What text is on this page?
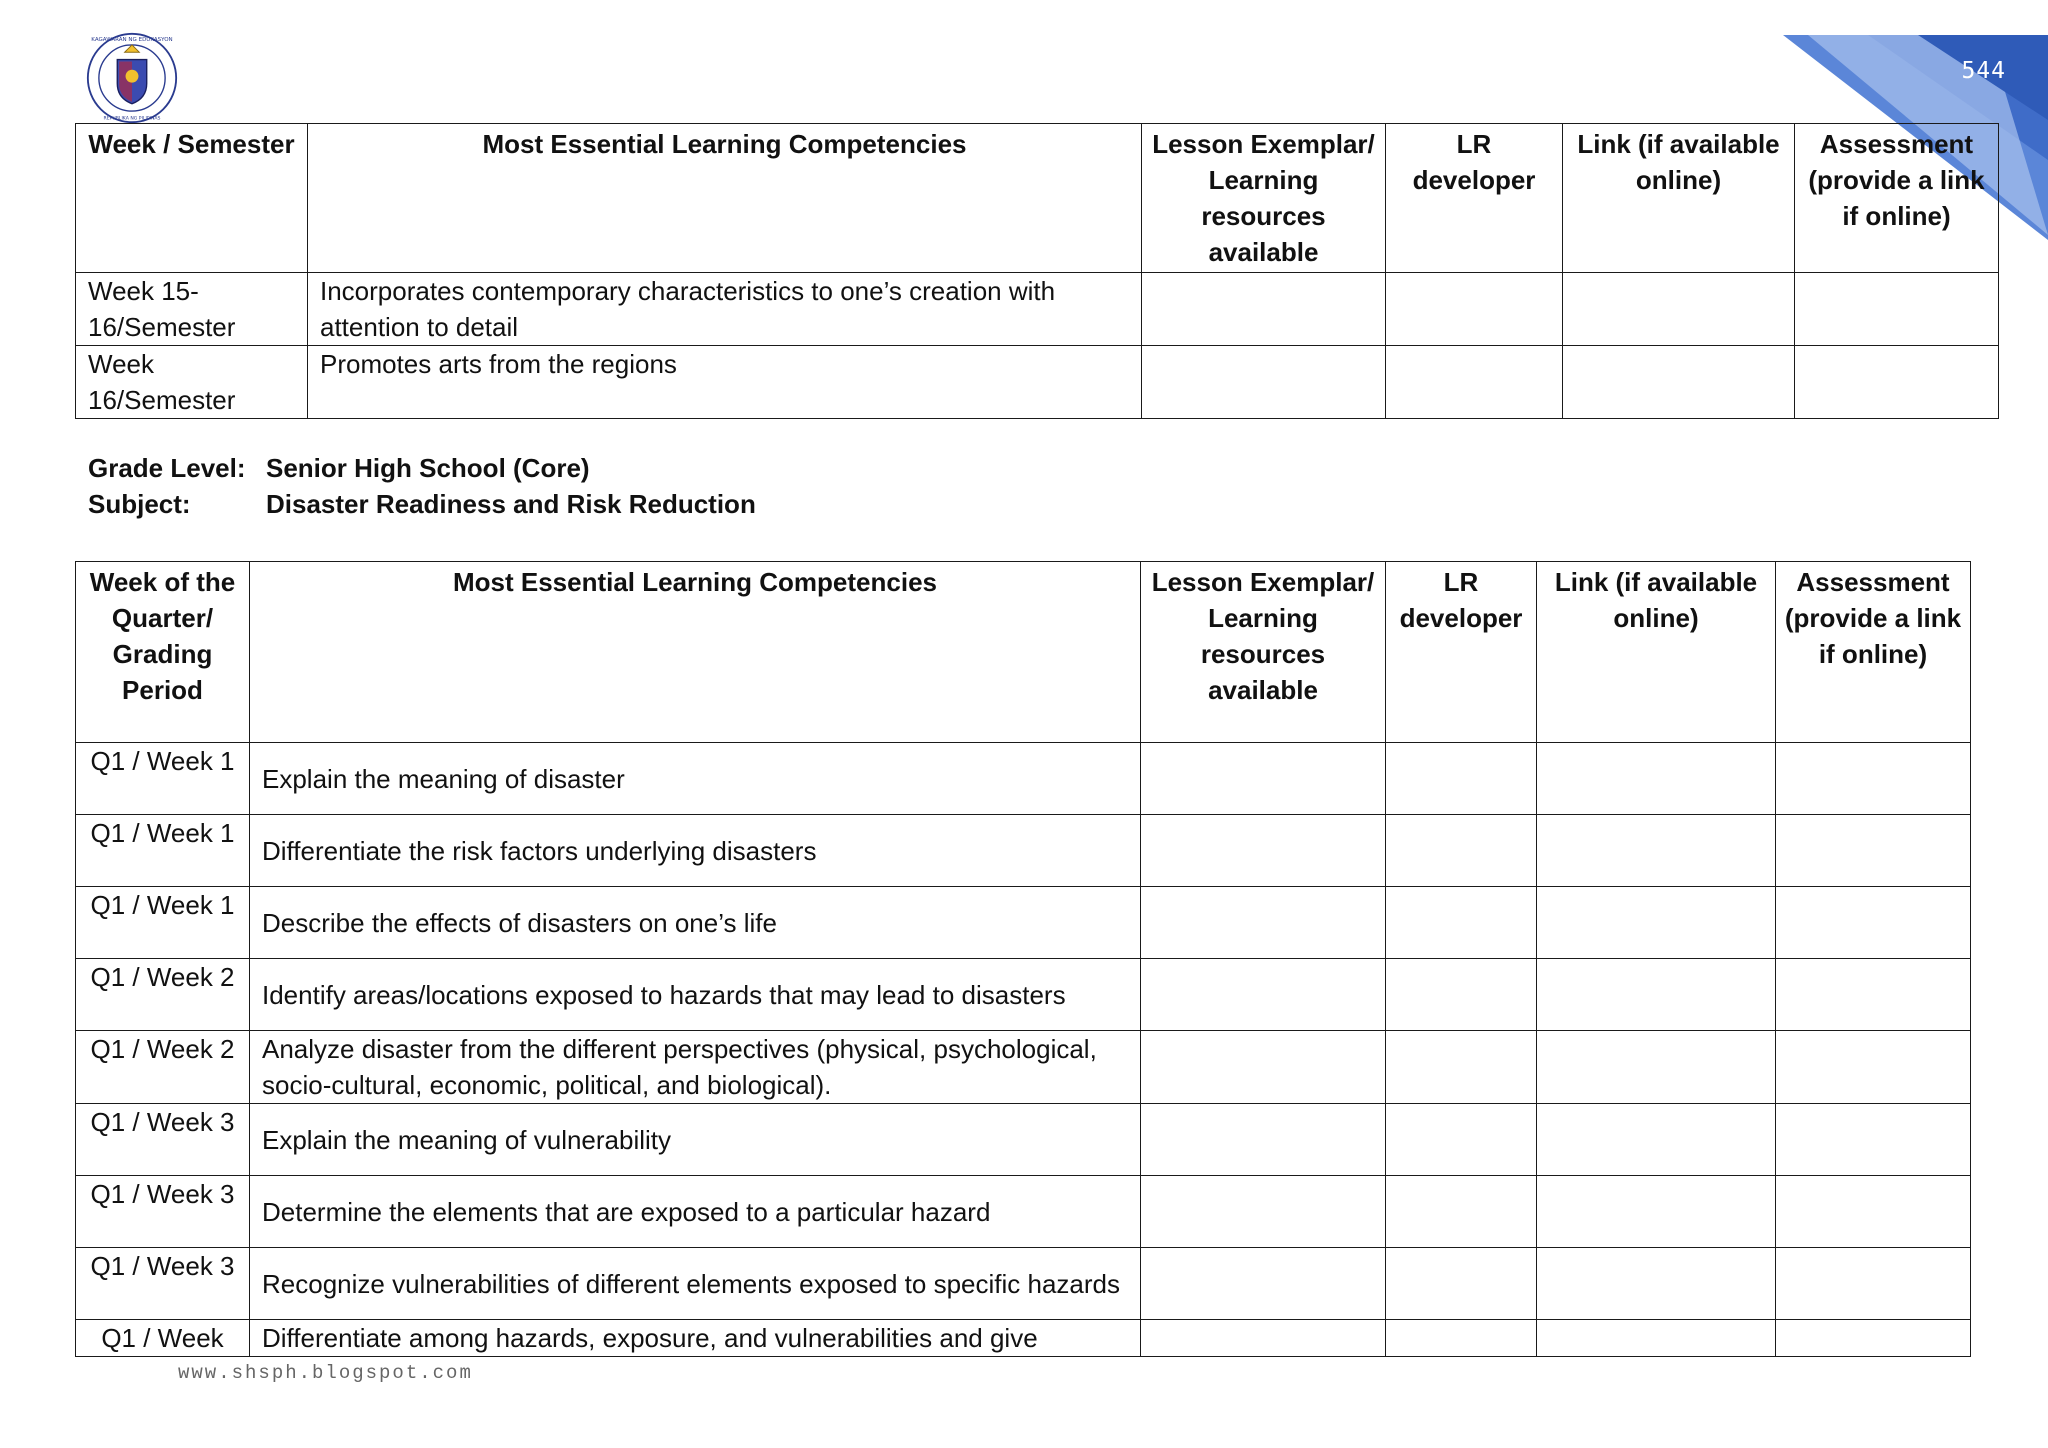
KAGAWARAN NG EDUKASYON
REPUBLIKA NG PILIPINAS
544
Week / Semester	Most Essential Learning Competencies	Lesson Exemplar/ Learning resources available	LR developer	Link (if available online)	Assessment (provide a link if online)
Week 15-16/Semester	Incorporates contemporary characteristics to one’s creation with attention to detail				
Week 16/Semester	Promotes arts from the regions				
Grade Level: Senior High School (Core)
Subject:	Disaster Readiness and Risk Reduction
Week of the Quarter/ Grading Period	Most Essential Learning Competencies	Lesson Exemplar/ Learning resources available	LR developer	Link (if available online)	Assessment (provide a link if online)
Q1 / Week 1	Explain the meaning of disaster				
Q1 / Week 1	Differentiate the risk factors underlying disasters				
Q1 / Week 1	Describe the effects of disasters on one’s life				
Q1 / Week 2	Identify areas/locations exposed to hazards that may lead to disasters				
Q1 / Week 2	Analyze disaster from the different perspectives (physical, psychological, socio-cultural, economic, political, and biological).				
Q1 / Week 3	Explain the meaning of vulnerability				
Q1 / Week 3	Determine the elements that are exposed to a particular hazard				
Q1 / Week 3	Recognize vulnerabilities of different elements exposed to specific hazards				
Q1 / Week	Differentiate among hazards, exposure, and vulnerabilities and give				
www.shsph.blogspot.com
